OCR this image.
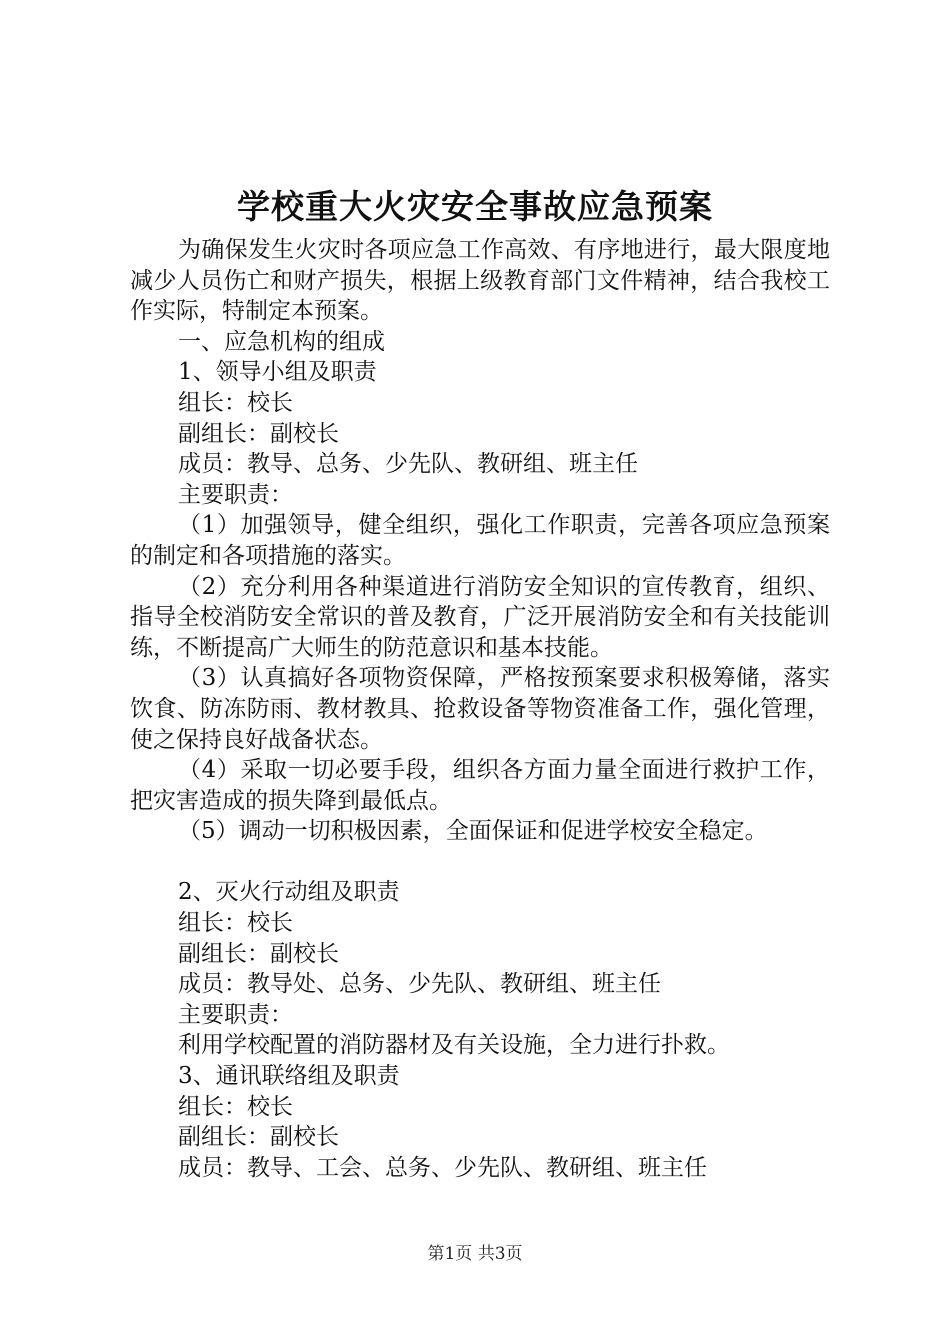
学校重大火灾安全事故应急预案

为确保发生火灾时各项应急工作高效、有序地进行，最大限度地减少人员伤亡和财产损失，根据上级教育部门文件精神，结合我校工作实际，特制定本预案。

一、应急机构的组成

1、领导小组及职责

组长：校长

副组长：副校长

成员：教导、总务、少先队、教研组、班主任

主要职责：

（1）加强领导，健全组织，强化工作职责，完善各项应急预案的制定和各项措施的落实。

（2）充分利用各种渠道进行消防安全知识的宣传教育，组织、指导全校消防安全常识的普及教育，广泛开展消防安全和有关技能训练，不断提高广大师生的防范意识和基本技能。

（3）认真搞好各项物资保障，严格按预案要求积极筹储，落实饮食、防冻防雨、教材教具、抢救设备等物资准备工作，强化管理，使之保持良好战备状态。

（4）采取一切必要手段，组织各方面力量全面进行救护工作，把灾害造成的损失降到最低点。

（5）调动一切积极因素，全面保证和促进学校安全稳定。

2、灭火行动组及职责

组长：校长

副组长：副校长

成员：教导处、总务、少先队、教研组、班主任

主要职责：

利用学校配置的消防器材及有关设施，全力进行扑救。

3、通讯联络组及职责

组长：校长

副组长：副校长

成员：教导、工会、总务、少先队、教研组、班主任

第1页 共3页
